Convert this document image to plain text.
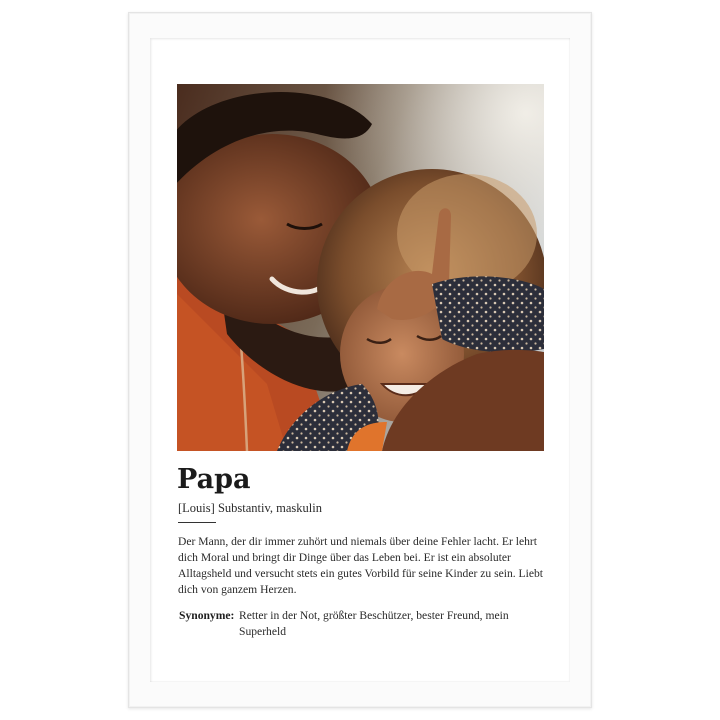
Papa
[Louis] Substantiv, maskulin

Der Mann, der dir immer zuhört und niemals über deine Fehler lacht. Er lehrt dich Moral und bringt dir Dinge über das Leben bei. Er ist ein absoluter Alltagsheld und versucht stets ein gutes Vorbild für seine Kinder zu sein. Liebt dich von ganzem Herzen.

Synonyme: Retter in der Not, größter Beschützer, bester Freund, mein Superheld
